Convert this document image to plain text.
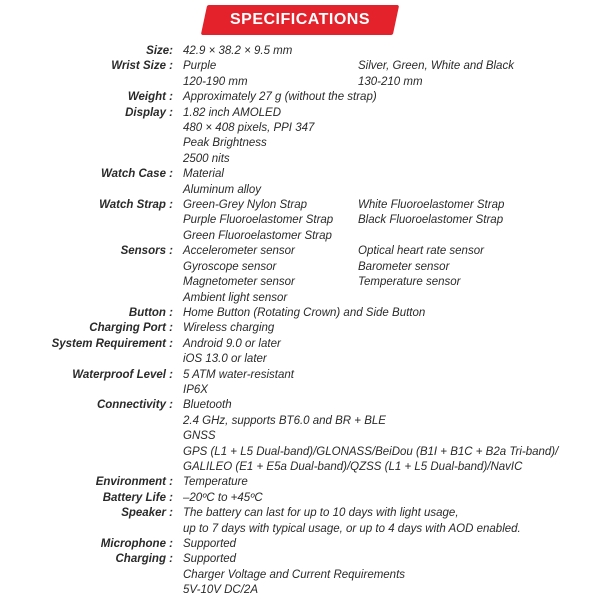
SPECIFICATIONS
Size: 42.9 × 38.2 × 9.5 mm
Wrist Size : Purple	Silver, Green, White and Black
120-190 mm	130-210 mm
Weight : Approximately 27 g (without the strap)
Display : 1.82 inch AMOLED
480 × 408 pixels, PPI 347
Peak Brightness
2500 nits
Watch Case : Material
Aluminum alloy
Watch Strap : Green-Grey Nylon Strap	White Fluoroelastomer Strap
Purple Fluoroelastomer Strap	Black Fluoroelastomer Strap
Green Fluoroelastomer Strap
Sensors : Accelerometer sensor	Optical heart rate sensor
Gyroscope sensor	Barometer sensor
Magnetometer sensor	Temperature sensor
Ambient light sensor
Button : Home Button (Rotating Crown) and Side Button
Charging Port : Wireless charging
System Requirement : Android 9.0 or later
iOS 13.0 or later
Waterproof Level : 5 ATM water-resistant
IP6X
Connectivity : Bluetooth
2.4 GHz, supports BT6.0 and BR + BLE
GNSS
GPS (L1 + L5 Dual-band)/GLONASS/BeiDou (B1I + B1C + B2a Tri-band)/
GALILEO (E1 + E5a Dual-band)/QZSS (L1 + L5 Dual-band)/NavIC
Environment : Temperature
Battery Life : –20ºC to +45ºC
Speaker : The battery can last for up to 10 days with light usage,
up to 7 days with typical usage, or up to 4 days with AOD enabled.
Microphone : Supported
Charging : Supported
Charger Voltage and Current Requirements
5V-10V DC/2A
